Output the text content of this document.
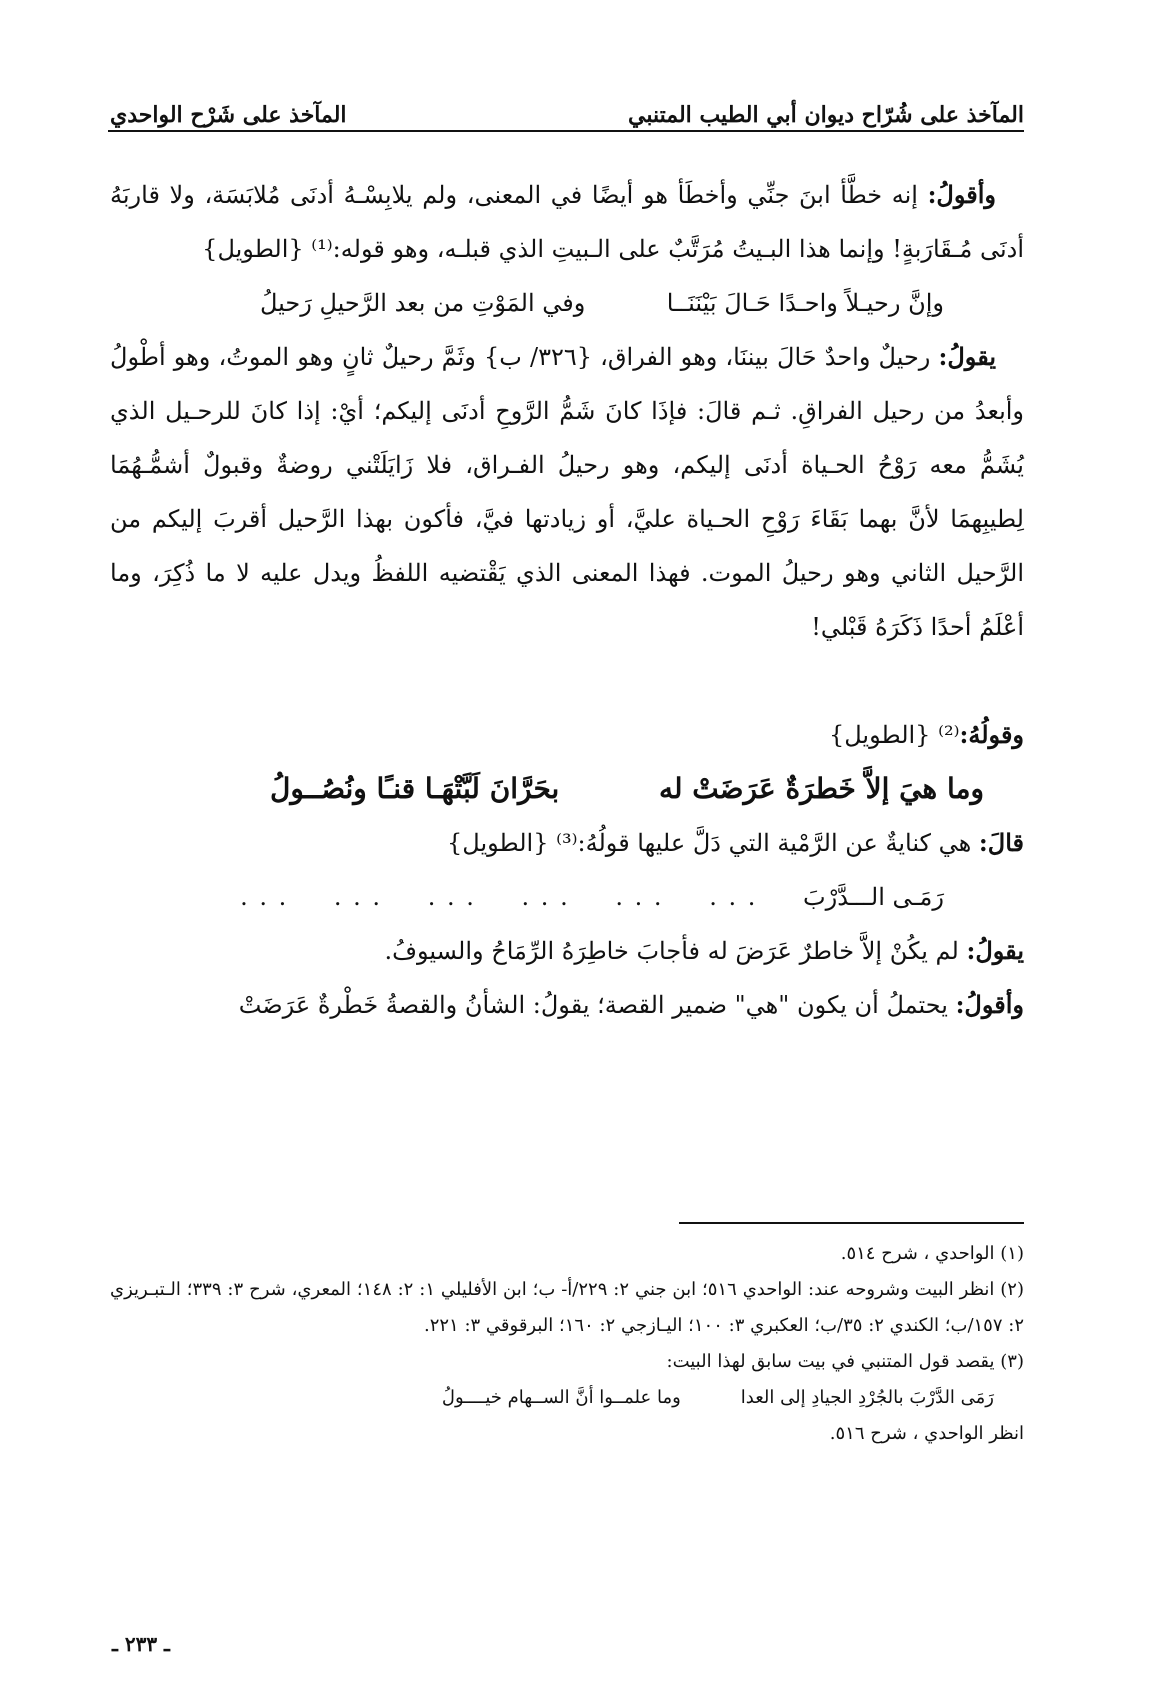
المآخذ على شُرّاح ديوان أبي الطيب المتنبي
المآخذ على شَرْح الواحدي

وأقولُ: إنه خطَّأ ابنَ جنِّي وأخطَأ هو أيضًا في المعنى، ولم يلابِسْـهُ أدنَى مُلابَسَة، ولا قاربَهُ أدنَى مُـقَارَبةٍ! وإنما هذا البـيتُ مُرَتَّبٌ على الـبيتِ الذي قبلـه، وهو قوله:⁽¹⁾ {الطويل}

وإنَّ رحيـلاً واحـدًا حَـالَ بَيْنَنَــا
وفي المَوْتِ من بعد الرَّحيلِ رَحيلُ

يقولُ: رحيلٌ واحدٌ حَالَ بيننَا، وهو الفراق، {٣٢٦/ ب} وثَمَّ رحيلٌ ثانٍ وهو الموتُ، وهو أطْولُ وأبعدُ من رحيل الفراقِ. ثـم قالَ: فإذَا كانَ شَمُّ الرَّوحِ أدنَى إليكم؛ أيْ: إذا كانَ للرحـيل الذي يُشَمُّ معه رَوْحُ الحـياة أدنَى إليكم، وهو رحيلُ الفـراق، فلا زَايَلَتْني روضةٌ وقبولٌ أشمُّـهُمَا لِطيبِهمَا لأنَّ بهما بَقَاءَ رَوْحِ الحـياة عليَّ، أو زيادتها فيَّ، فأكون بهذا الرَّحيل أقربَ إليكم من الرَّحيل الثاني وهو رحيلُ الموت. فهذا المعنى الذي يَقْتضيه اللفظُ ويدل عليه لا ما ذُكِرَ، وما أعْلَمُ أحدًا ذَكَرَهُ قَبْلي!

وقولُهُ:⁽²⁾ {الطويل}

وما هيَ إلاَّ خَطرَةٌ عَرَضَتْ له
بحَرَّانَ لَبَّتْهَـا قنـًا ونُصُــولُ

قالَ: هي كنايةٌ عن الرَّمْية التي دَلَّ عليها قولُهُ:⁽³⁾ {الطويل}

رَمَـى الـــدَّرْبَ
. . .
. . .
. . .
. . .
. . .
. . .

يقولُ: لم يكُنْ إلاَّ خاطرٌ عَرَضَ له فأجابَ خاطِرَهُ الرِّمَاحُ والسيوفُ.

وأقولُ: يحتملُ أن يكون "هي" ضمير القصة؛ يقولُ: الشأنُ والقصةُ خَطْرةٌ عَرَضَتْ

(١) الواحدي ، شرح ٥١٤.
(٢) انظر البيت وشروحه عند: الواحدي ٥١٦؛ ابن جني ٢: ٢٢٩/أ- ب؛ ابن الأفليلي ١: ٢: ١٤٨؛ المعري، شرح ٣: ٣٣٩؛ الـتبـريزي ٢: ١٥٧/ب؛ الكندي ٢: ٣٥/ب؛ العكبري ٣: ١٠٠؛ اليـازجي ٢: ١٦٠؛ البرقوقي ٣: ٢٢١.
(٣) يقصد قول المتنبي في بيت سابق لهذا البيت:
رَمَى الدَّرْبَ بالجُرْدِ الجيادِ إلى العدا
وما علمــوا أنَّ الســهام خيــــولُ
انظر الواحدي ، شرح ٥١٦.
ـ ٢٣٣ ـ
